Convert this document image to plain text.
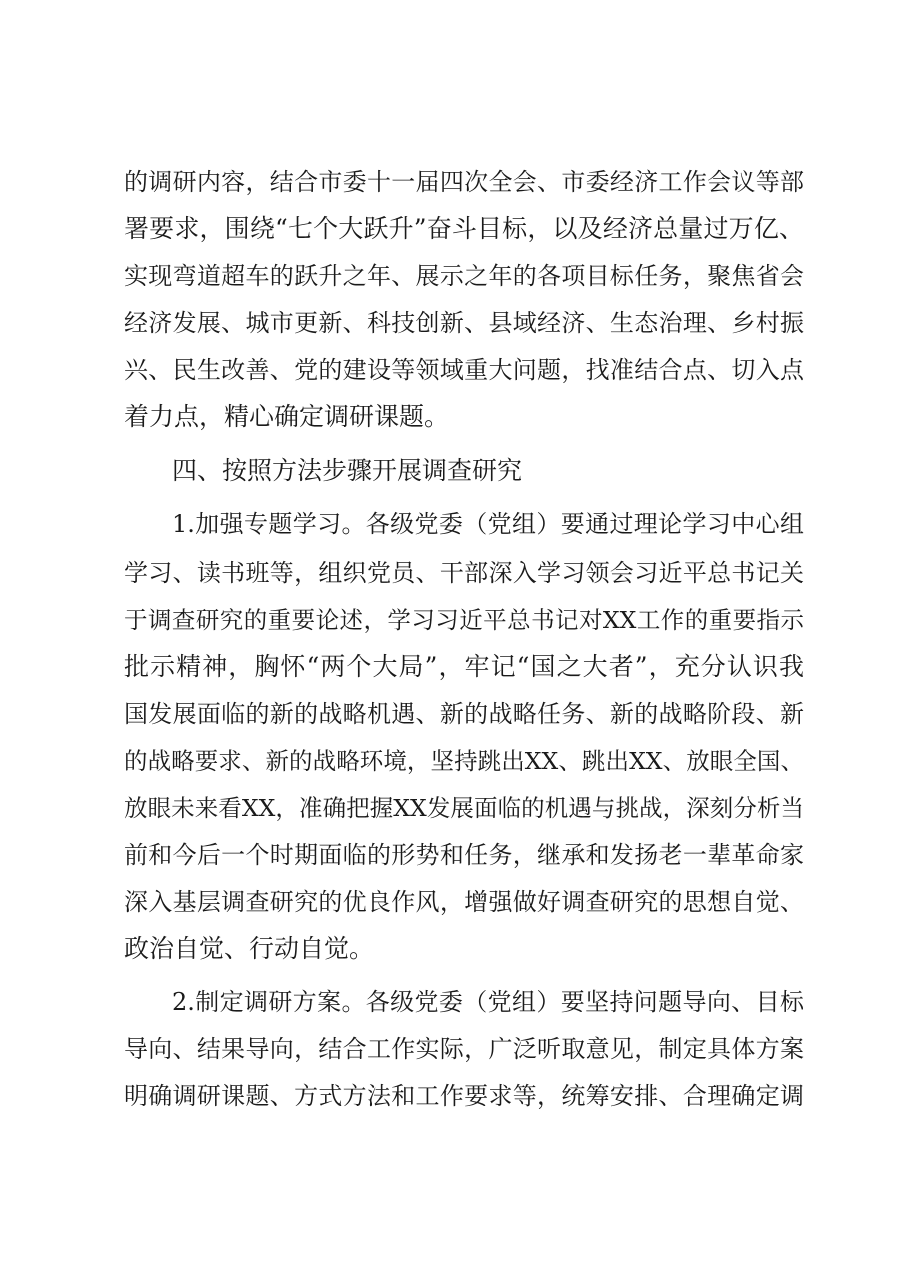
的调研内容，结合市委十一届四次全会、市委经济工作会议等部
署要求，围绕“七个大跃升”奋斗目标，以及经济总量过万亿、
实现弯道超车的跃升之年、展示之年的各项目标任务，聚焦省会
经济发展、城市更新、科技创新、县域经济、生态治理、乡村振
兴、民生改善、党的建设等领域重大问题，找准结合点、切入点
着力点，精心确定调研课题。
四、按照方法步骤开展调查研究
1.加强专题学习。各级党委（党组）要通过理论学习中心组
学习、读书班等，组织党员、干部深入学习领会习近平总书记关
于调查研究的重要论述，学习习近平总书记对XX工作的重要指示
批示精神，胸怀“两个大局”，牢记“国之大者”，充分认识我
国发展面临的新的战略机遇、新的战略任务、新的战略阶段、新
的战略要求、新的战略环境，坚持跳出XX、跳出XX、放眼全国、
放眼未来看XX，准确把握XX发展面临的机遇与挑战，深刻分析当
前和今后一个时期面临的形势和任务，继承和发扬老一辈革命家
深入基层调查研究的优良作风，增强做好调查研究的思想自觉、
政治自觉、行动自觉。
2.制定调研方案。各级党委（党组）要坚持问题导向、目标
导向、结果导向，结合工作实际，广泛听取意见，制定具体方案
明确调研课题、方式方法和工作要求等，统筹安排、合理确定调
